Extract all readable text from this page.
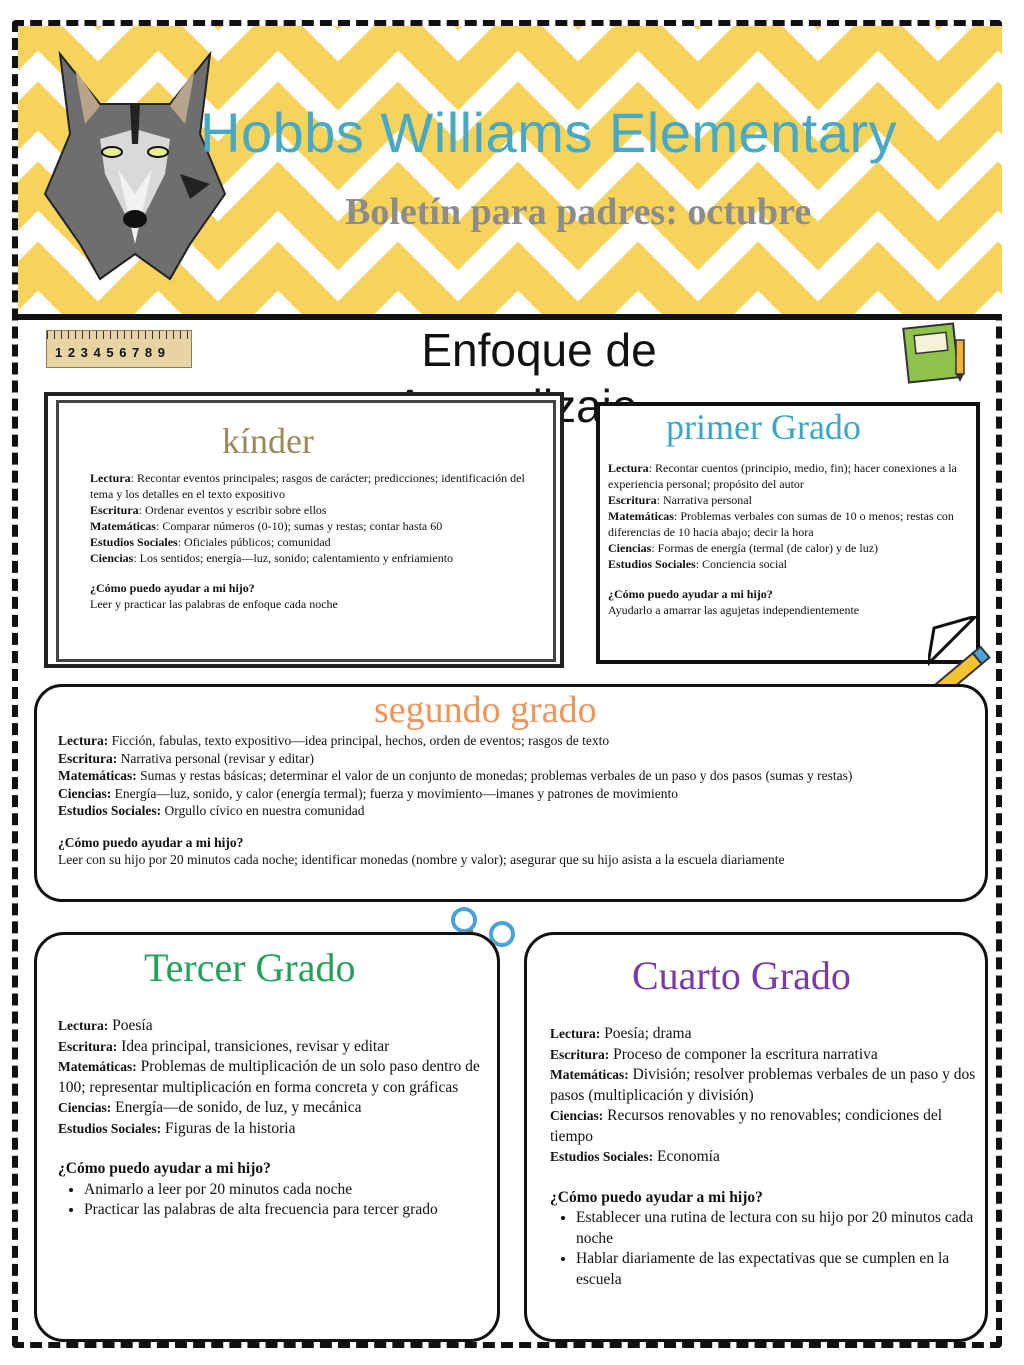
Hobbs Williams Elementary
Boletín para padres: octubre
1 2 3 4 5 6 7 8 9	Enfoque de
kínder

Lectura: Recontar eventos principales; rasgos de carácter; predicciones; identificación del tema y los detalles en el texto expositivo

Escritura: Ordenar eventos y escribir sobre ellos

Matemáticas: Comparar números (0-10); sumas y restas; contar hasta 60

Estudios Sociales: Oficiales públicos; comunidad

Ciencias: Los sentidos; energía—luz, sonido; calentamiento y enfriamiento

¿Cómo puedo ayudar a mi hijo?

Leer y practicar las palabras de enfoque cada noche

primer Grado

Lectura: Recontar cuentos (principio, medio, fin); hacer conexiones a la experiencia personal; propósito del autor

Escritura: Narrativa personal

Matemáticas: Problemas verbales con sumas de 10 o menos; restas con diferencias de 10 hacia abajo; decir la hora

Ciencias: Formas de energía (termal (de calor) y de luz)

Estudios Sociales: Conciencia social

¿Cómo puedo ayudar a mi hijo?

Ayudarlo a amarrar las agujetas independientemente

segundo grado

Lectura: Ficción, fabulas, texto expositivo—idea principal, hechos, orden de eventos; rasgos de texto

Escritura: Narrativa personal (revisar y editar)

Matemáticas: Sumas y restas básicas; determinar el valor de un conjunto de monedas; problemas verbales de un paso y dos pasos (sumas y restas)

Ciencias: Energía—luz, sonido, y calor (energía termal); fuerza y movimiento—imanes y patrones de movimiento

Estudios Sociales: Orgullo cívico en nuestra comunidad

¿Cómo puedo ayudar a mi hijo?

Leer con su hijo por 20 minutos cada noche; identificar monedas (nombre y valor); asegurar que su hijo asista a la escuela diariamente

Tercer Grado

Lectura: Poesía

Escritura: Idea principal, transiciones, revisar y editar

Matemáticas: Problemas de multiplicación de un solo paso dentro de 100; representar multiplicación en forma concreta y con gráficas

Ciencias: Energía—de sonido, de luz, y mecánica

Estudios Sociales: Figuras de la historia

¿Cómo puedo ayudar a mi hijo?

• Animarlo a leer por 20 minutos cada noche
• Practicar las palabras de alta frecuencia para tercer grado
Cuarto Grado

Lectura: Poesía; drama

Escritura: Proceso de componer la escritura narrativa

Matemáticas: División; resolver problemas verbales de un paso y dos pasos (multiplicación y división)

Ciencias: Recursos renovables y no renovables; condiciones del tiempo

Estudios Sociales: Economía

¿Cómo puedo ayudar a mi hijo?

• Establecer una rutina de lectura con su hijo por 20 minutos cada noche
• Hablar diariamente de las expectativas que se cumplen en la escuela
